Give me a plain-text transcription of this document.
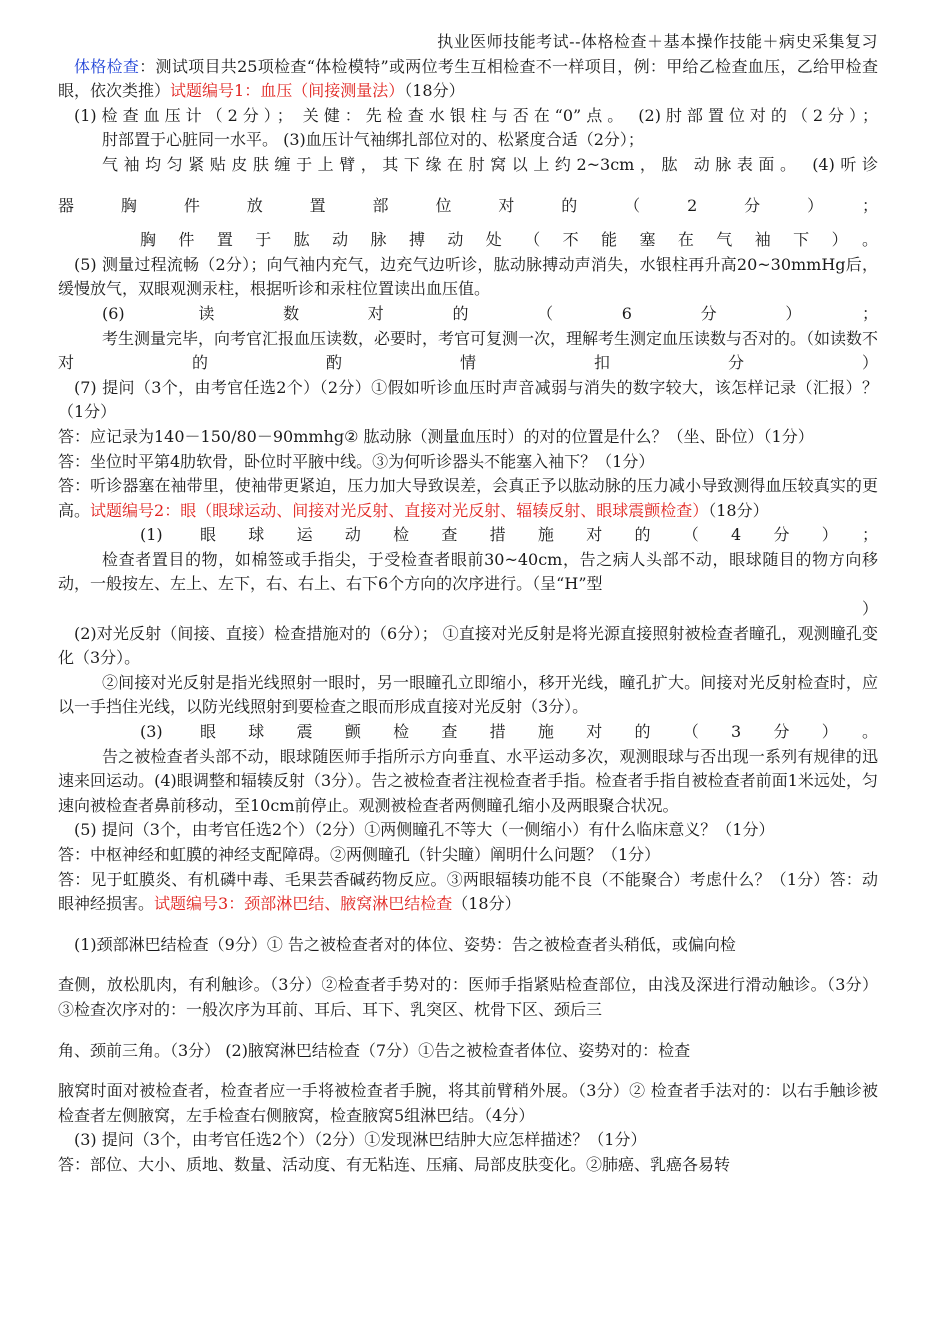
执业医师技能考试--体格检查＋基本操作技能＋病史采集复习

体格检查：测试项目共25项检查“体检模特”或两位考生互相检查不一样项目，例：甲给乙检查血压，乙给甲检查眼，依次类推）试题编号1：血压（间接测量法）（18分）

(1)检查血压计（2分）； 关健：先检查水银柱与否在“0”点。 (2)肘部置位对的（2分）；

肘部置于心脏同一水平。 (3)血压计气袖绑扎部位对的、松紧度合适（2分）；

气袖均匀紧贴皮肤缠于上臂，其下缘在肘窝以上约2~3cm，肱 动脉表面。 (4)听诊

器胸件放置部位对的（2分）；

胸件置于肱动脉搏动处（不能塞在气袖下）。

(5) 测量过程流畅（2分）；向气袖内充气，边充气边听诊，肱动脉搏动声消失，水银柱再升高20~30mmHg后，缓慢放气，双眼观测汞柱，根据听诊和汞柱位置读出血压值。

(6) 读数对的（6分）；

考生测量完毕，向考官汇报血压读数，必要时，考官可复测一次，理解考生测定血压读数与否对的。（如读数不对的酌情扣分）

(7) 提问（3个，由考官任选2个）（2分）①假如听诊血压时声音减弱与消失的数字较大，该怎样记录（汇报）？（1分）

答：应记录为140－150/80－90mmhg② 肱动脉（测量血压时）的对的位置是什么？（坐、卧位）（1分）

答：坐位时平第4肋软骨，卧位时平腋中线。③为何听诊器头不能塞入袖下？（1分）

答：听诊器塞在袖带里，使袖带更紧迫，压力加大导致误差，会真正予以肱动脉的压力减小导致测得血压较真实的更高。试题编号2：眼（眼球运动、间接对光反射、直接对光反射、辐辏反射、眼球震颤检查）（18分）

(1) 眼球运动检查措施对的（4分）；

检查者置目的物，如棉签或手指尖，于受检查者眼前30~40cm，告之病人头部不动，眼球随目的物方向移动，一般按左、左上、左下，右、右上、右下6个方向的次序进行。（呈“H”型

）

(2)对光反射（间接、直接）检查措施对的（6分）； ①直接对光反射是将光源直接照射被检查者瞳孔，观测瞳孔变化（3分）。

②间接对光反射是指光线照射一眼时，另一眼瞳孔立即缩小，移开光线，瞳孔扩大。间接对光反射检查时，应以一手挡住光线，以防光线照射到要检查之眼而形成直接对光反射（3分）。

(3) 眼球震颤检查措施对的（3分）。

告之被检查者头部不动，眼球随医师手指所示方向垂直、水平运动多次，观测眼球与否出现一系列有规律的迅速来回运动。(4)眼调整和辐辏反射（3分）。告之被检查者注视检查者手指。检查者手指自被检查者前面1米远处，匀速向被检查者鼻前移动，至10cm前停止。观测被检查者两侧瞳孔缩小及两眼聚合状况。

(5) 提问（3个，由考官任选2个）（2分）①两侧瞳孔不等大（一侧缩小）有什么临床意义？（1分）

答：中枢神经和虹膜的神经支配障碍。②两侧瞳孔（针尖瞳）阐明什么问题？（1分）

答：见于虹膜炎、有机磷中毒、毛果芸香碱药物反应。③两眼辐辏功能不良（不能聚合）考虑什么？（1分）答：动眼神经损害。试题编号3：颈部淋巴结、腋窝淋巴结检查（18分）

(1)颈部淋巴结检查（9分）① 告之被检查者对的体位、姿势：告之被检查者头稍低，或偏向检

查侧，放松肌肉，有利触诊。（3分）②检查者手势对的：医师手指紧贴检查部位，由浅及深进行滑动触诊。（3分）③检查次序对的：一般次序为耳前、耳后、耳下、乳突区、枕骨下区、颈后三

角、颈前三角。（3分） (2)腋窝淋巴结检查（7分）①告之被检查者体位、姿势对的：检查

腋窝时面对被检查者，检查者应一手将被检查者手腕，将其前臂稍外展。（3分）② 检查者手法对的：以右手触诊被检查者左侧腋窝，左手检查右侧腋窝，检查腋窝5组淋巴结。（4分）

(3) 提问（3个，由考官任选2个）（2分）①发现淋巴结肿大应怎样描述？（1分）

答：部位、大小、质地、数量、活动度、有无粘连、压痛、局部皮肤变化。②肺癌、乳癌各易转
